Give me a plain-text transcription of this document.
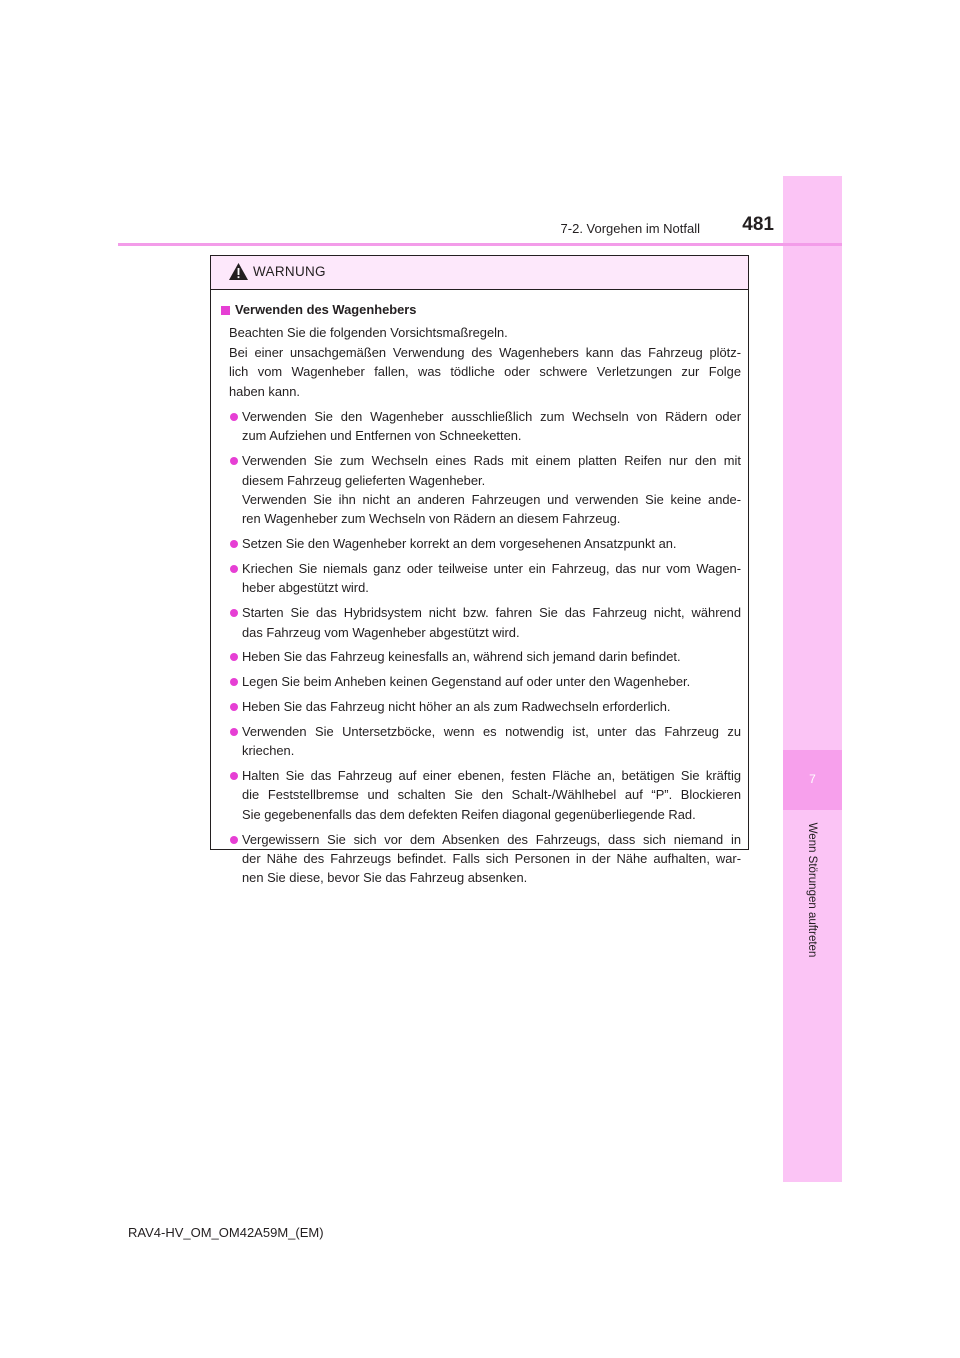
7
Wenn Störungen auftreten
7-2. Vorgehen im Notfall	481
WARNUNG
Verwenden des Wagenhebers

Beachten Sie die folgenden Vorsichtsmaßregeln.

Bei einer unsachgemäßen Verwendung des Wagenhebers kann das Fahrzeug plötz-

lich vom Wagenheber fallen, was tödliche oder schwere Verletzungen zur Folge

haben kann.

Verwenden Sie den Wagenheber ausschließlich zum Wechseln von Rädern oder

zum Aufziehen und Entfernen von Schneeketten.

Verwenden Sie zum Wechseln eines Rads mit einem platten Reifen nur den mit

diesem Fahrzeug gelieferten Wagenheber.

Verwenden Sie ihn nicht an anderen Fahrzeugen und verwenden Sie keine ande-

ren Wagenheber zum Wechseln von Rädern an diesem Fahrzeug.

Setzen Sie den Wagenheber korrekt an dem vorgesehenen Ansatzpunkt an.

Kriechen Sie niemals ganz oder teilweise unter ein Fahrzeug, das nur vom Wagen-

heber abgestützt wird.

Starten Sie das Hybridsystem nicht bzw. fahren Sie das Fahrzeug nicht, während

das Fahrzeug vom Wagenheber abgestützt wird.

Heben Sie das Fahrzeug keinesfalls an, während sich jemand darin befindet.

Legen Sie beim Anheben keinen Gegenstand auf oder unter den Wagenheber.

Heben Sie das Fahrzeug nicht höher an als zum Radwechseln erforderlich.

Verwenden Sie Untersetzböcke, wenn es notwendig ist, unter das Fahrzeug zu

kriechen.

Halten Sie das Fahrzeug auf einer ebenen, festen Fläche an, betätigen Sie kräftig

die Feststellbremse und schalten Sie den Schalt-/Wählhebel auf “P”. Blockieren

Sie gegebenenfalls das dem defekten Reifen diagonal gegenüberliegende Rad.

Vergewissern Sie sich vor dem Absenken des Fahrzeugs, dass sich niemand in

der Nähe des Fahrzeugs befindet. Falls sich Personen in der Nähe aufhalten, war-

nen Sie diese, bevor Sie das Fahrzeug absenken.

RAV4-HV_OM_OM42A59M_(EM)
